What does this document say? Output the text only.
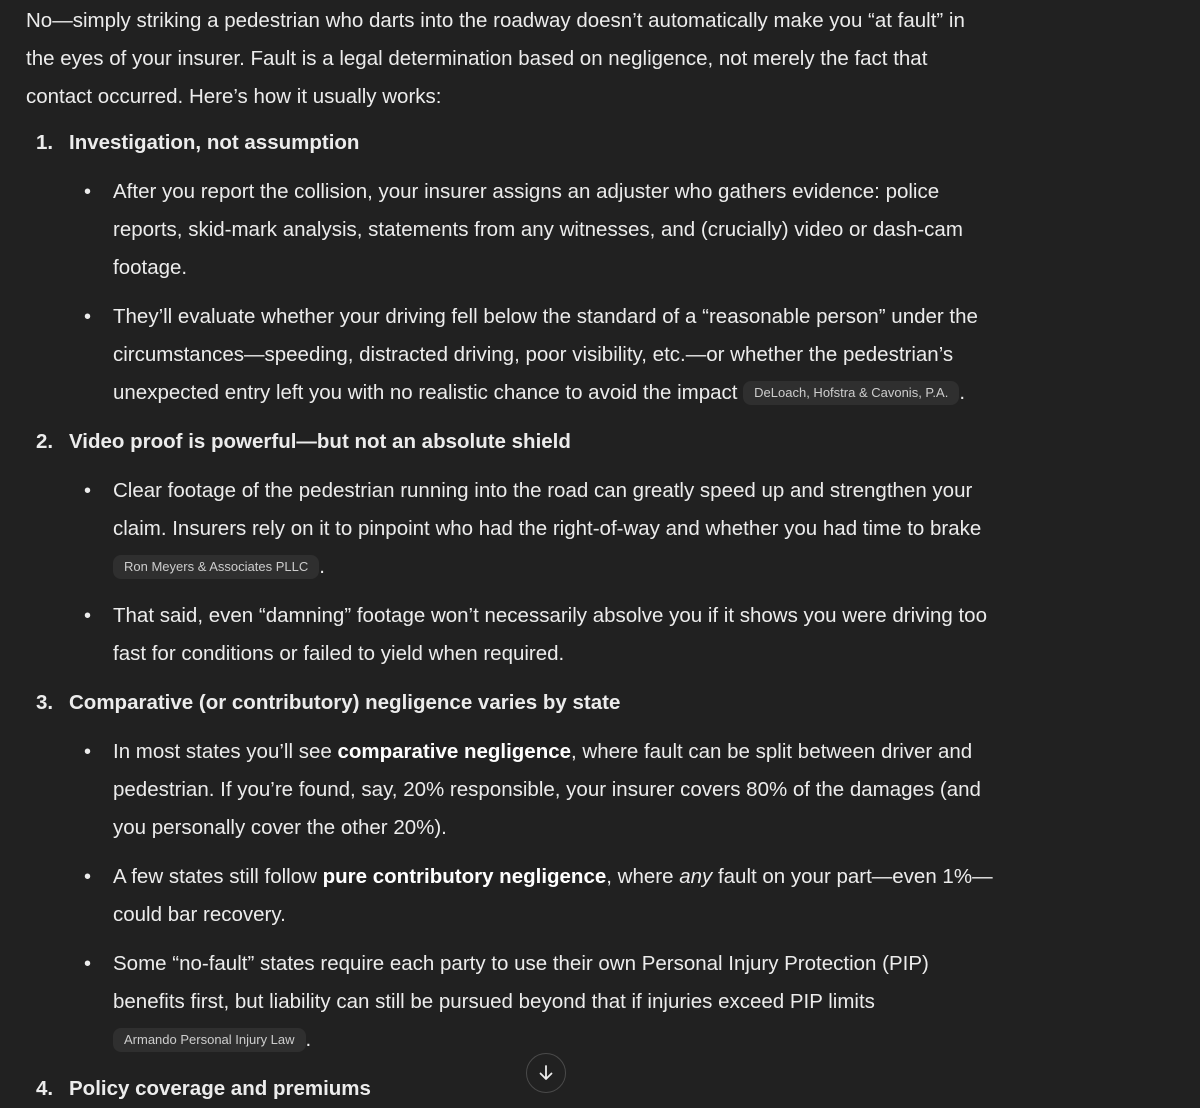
No—simply striking a pedestrian who darts into the roadway doesn’t automatically make you “at fault” in
the eyes of your insurer. Fault is a legal determination based on negligence, not merely the fact that
contact occurred. Here’s how it usually works:

1. Investigation, not assumption
• After you report the collision, your insurer assigns an adjuster who gathers evidence: police
reports, skid-mark analysis, statements from any witnesses, and (crucially) video or dash-cam
footage.
• They’ll evaluate whether your driving fell below the standard of a “reasonable person” under the
circumstances—speeding, distracted driving, poor visibility, etc.—or whether the pedestrian’s
unexpected entry left you with no realistic chance to avoid the impact DeLoach, Hofstra & Cavonis, P.A. .
2. Video proof is powerful—but not an absolute shield
• Clear footage of the pedestrian running into the road can greatly speed up and strengthen your
claim. Insurers rely on it to pinpoint who had the right-of-way and whether you had time to brake
Ron Meyers & Associates PLLC .
• That said, even “damning” footage won’t necessarily absolve you if it shows you were driving too
fast for conditions or failed to yield when required.
3. Comparative (or contributory) negligence varies by state
• In most states you’ll see comparative negligence, where fault can be split between driver and
pedestrian. If you’re found, say, 20% responsible, your insurer covers 80% of the damages (and
you personally cover the other 20%).
• A few states still follow pure contributory negligence, where any fault on your part—even 1%—
could bar recovery.
• Some “no-fault” states require each party to use their own Personal Injury Protection (PIP)
benefits first, but liability can still be pursued beyond that if injuries exceed PIP limits
Armando Personal Injury Law .
4. Policy coverage and premiums
